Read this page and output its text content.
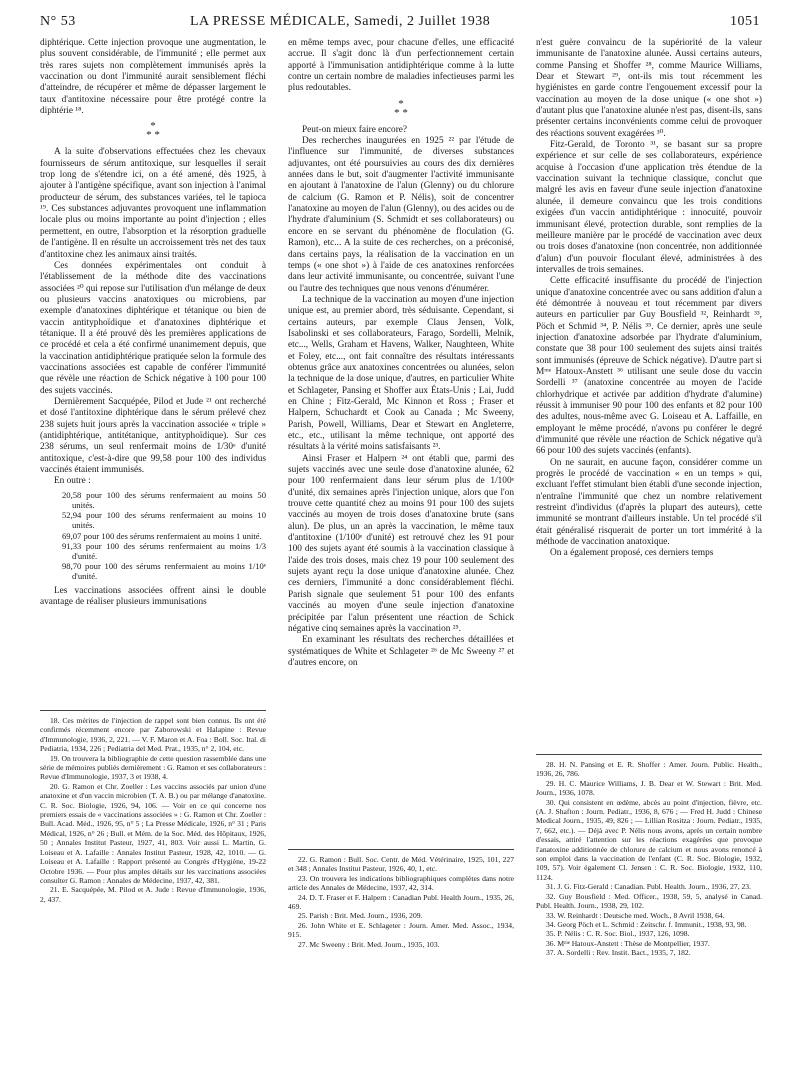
N° 53	LA PRESSE MÉDICALE, Samedi, 2 Juillet 1938	1051

diphtérique. Cette injection provoque une augmentation, le plus souvent considérable, de l'immunité ; elle permet aux très rares sujets non complètement immunisés après la vaccination ou dont l'immunité aurait sensiblement fléchi d'atteindre, de récupérer et même de dépasser largement le taux d'antitoxine nécessaire pour être protégé contre la diphtérie ¹⁸.

*
* *

A la suite d'observations effectuées chez les chevaux fournisseurs de sérum antitoxique, sur lesquelles il serait trop long de s'étendre ici, on a été amené, dès 1925, à ajouter à l'antigène spécifique, avant son injection à l'animal producteur de sérum, des substances variées, tel le tapioca ¹⁹. Ces substances adjuvantes provoquent une inflammation locale plus ou moins importante au point d'injection ; elles permettent, en outre, l'absorption et la résorption graduelle de l'antigène. Il en résulte un accroissement très net des taux d'antitoxine chez les animaux ainsi traités.

Ces données expérimentales ont conduit à l'établissement de la méthode dite des vaccinations associées ²⁰ qui repose sur l'utilisation d'un mélange de deux ou plusieurs vaccins anatoxiques ou microbiens, par exemple d'anatoxines diphtérique et tétanique ou bien de vaccin antityphoïdique et d'anatoxines diphtérique et tétanique. Il a été prouvé dès les premières applications de ce procédé et cela a été confirmé unanimement depuis, que la vaccination antidiphtérique pratiquée selon la formule des vaccinations associées est capable de conférer l'immunité que révèle une réaction de Schick négative à 100 pour 100 des sujets vaccinés.

Dernièrement Sacquépée, Pilod et Jude ²¹ ont recherché et dosé l'antitoxine diphtérique dans le sérum prélevé chez 238 sujets huit jours après la vaccination associée « triple » (antidiphtérique, antitétanique, antityphoïdique). Sur ces 238 sérums, un seul renfermait moins de 1/30ᵉ d'unité antitoxique, c'est-à-dire que 99,58 pour 100 des individus vaccinés étaient immunisés.

En outre :

20,58 pour 100 des sérums renfermaient au moins 50 unités.
52,94 pour 100 des sérums renfermaient au moins 10 unités.
69,07 pour 100 des sérums renfermaient au moins 1 unité.
91,33 pour 100 des sérums renfermaient au moins 1/3 d'unité.
98,70 pour 100 des sérums renfermaient au moins 1/10ᵉ d'unité.

Les vaccinations associées offrent ainsi le double avantage de réaliser plusieurs immunisations

en même temps avec, pour chacune d'elles, une efficacité accrue. Il s'agit donc là d'un perfectionnement certain apporté à l'immunisation antidiphtérique comme à la lutte contre un certain nombre de maladies infectieuses parmi les plus redoutables.

*
* *

Peut-on mieux faire encore?

Des recherches inaugurées en 1925 ²² par l'étude de l'influence sur l'immunité, de diverses substances adjuvantes, ont été poursuivies au cours des dix dernières années dans le but, soit d'augmenter l'activité immunisante en ajoutant à l'anatoxine de l'alun (Glenny) ou du chlorure de calcium (G. Ramon et P. Nélis), soit de concentrer l'anatoxine au moyen de l'alun (Glenny), ou des acides ou de l'hydrate d'aluminium (S. Schmidt et ses collaborateurs) ou encore en se servant du phénomène de floculation (G. Ramon), etc... A la suite de ces recherches, on a préconisé, dans certains pays, la réalisation de la vaccination en un temps (« one shot ») à l'aide de ces anatoxines renforcées dans leur activité immunisante, ou concentrée, suivant l'une ou l'autre des techniques que nous venons d'énumérer.

La technique de la vaccination au moyen d'une injection unique est, au premier abord, très séduisante. Cependant, si certains auteurs, par exemple Claus Jensen, Volk, Isabolinski et ses collaborateurs, Farago, Sordelli, Melnik, etc..., Wells, Graham et Havens, Walker, Naughteen, White et Foley, etc..., ont fait connaître des résultats intéressants obtenus grâce aux anatoxines concentrées ou alunées, selon la technique de la dose unique, d'autres, en particulier White et Schlageter, Pansing et Shoffer aux États-Unis ; Lai, Judd en Chine ; Fitz-Gerald, Mc Kinnon et Ross ; Fraser et Halpern, Schuchardt et Cook au Canada ; Mc Sweeny, Parish, Powell, Williams, Dear et Stewart en Angleterre, etc., etc., utilisant la même technique, ont apporté des résultats à la vérité moins satisfaisants ²³.

Ainsi Fraser et Halpern ²⁴ ont établi que, parmi des sujets vaccinés avec une seule dose d'anatoxine alunée, 62 pour 100 renfermaient dans leur sérum plus de 1/100ᵉ d'unité, dix semaines après l'injection unique, alors que l'on trouve cette quantité chez au moins 91 pour 100 des sujets vaccinés au moyen de trois doses d'anatoxine brute (sans alun). De plus, un an après la vaccination, le même taux d'antitoxine (1/100ᵉ d'unité) est retrouvé chez les 91 pour 100 des sujets ayant été soumis à la vaccination classique à l'aide des trois doses, mais chez 19 pour 100 seulement des sujets ayant reçu la dose unique d'anatoxine alunée. Chez ces derniers, l'immunité a donc considérablement fléchi. Parish signale que seulement 51 pour 100 des enfants vaccinés au moyen d'une seule injection d'anatoxine précipitée par l'alun présentent une réaction de Schick négative cinq semaines après la vaccination ²⁵.

En examinant les résultats des recherches détaillées et systématiques de White et Schlageter ²⁶ de Mc Sweeny ²⁷ et d'autres encore, on

n'est guère convaincu de la supériorité de la valeur immunisante de l'anatoxine alunée. Aussi certains auteurs, comme Pansing et Shoffer ²⁸, comme Maurice Williams, Dear et Stewart ²⁹, ont-ils mis tout récemment les hygiénistes en garde contre l'engouement excessif pour la vaccination au moyen de la dose unique (« one shot ») d'autant plus que l'anatoxine alunée n'est pas, disent-ils, sans présenter certains inconvénients comme celui de provoquer des réactions souvent exagérées ³⁰.

Fitz-Gerald, de Toronto ³¹, se basant sur sa propre expérience et sur celle de ses collaborateurs, expérience acquise à l'occasion d'une application très étendue de la vaccination suivant la technique classique, conclut que malgré les avis en faveur d'une seule injection d'anatoxine alunée, il demeure convaincu que les trois conditions exigées d'un vaccin antidiphtérique : innocuité, pouvoir immunisant élevé, protection durable, sont remplies de la meilleure manière par le procédé de vaccination avec deux ou trois doses d'anatoxine (non concentrée, non additionnée d'alun) d'un pouvoir floculant élevé, administrées à des intervalles de trois semaines.

Cette efficacité insuffisante du procédé de l'injection unique d'anatoxine concentrée avec ou sans addition d'alun a été démontrée à nouveau et tout récemment par divers auteurs en particulier par Guy Bousfield ³², Reinhardt ³³, Pöch et Schmid ³⁴, P. Nélis ³⁵. Ce dernier, après une seule injection d'anatoxine adsorbée par l'hydrate d'aluminium, constate que 38 pour 100 seulement des sujets ainsi traités sont immunisés (épreuve de Schick négative). D'autre part si Mᵐᵉ Hatoux-Anstett ³⁶ utilisant une seule dose du vaccin Sordelli ³⁷ (anatoxine concentrée au moyen de l'acide chlorhydrique et activée par addition d'hydrate d'alumine) réussit à immuniser 90 pour 100 des enfants et 82 pour 100 des adultes, nous-même avec G. Loiseau et A. Laffaille, en employant le même procédé, n'avons pu conférer le degré d'immunité que révèle une réaction de Schick négative qu'à 66 pour 100 des sujets vaccinés (enfants).

On ne saurait, en aucune façon, considérer comme un progrès le procédé de vaccination « en un temps » qui, excluant l'effet stimulant bien établi d'une seconde injection, n'entraîne l'immunité que chez un nombre relativement restreint d'individus (d'après la plupart des auteurs), cette immunité se montrant d'ailleurs instable. Un tel procédé s'il était généralisé risquerait de porter un tort immérité à la méthode de vaccination anatoxique.

On a également proposé, ces derniers temps

18. Ces mérites de l'injection de rappel sont bien connus. Ils ont été confirmés récemment encore par Zaborowski et Halapine : Revue d'Immunologie, 1936, 2, 221. — V. F. Maron et A. Foa : Boll. Soc. Ital. di Pediatria, 1934, 226 ; Pediatria del Med. Prat., 1935, n° 2, 104, etc.
19. On trouvera la bibliographie de cette question rassemblée dans une série de mémoires publiés dernièrement : G. Ramon et ses collaborateurs : Revue d'Immunologie, 1937, 3 et 1938, 4.
20. G. Ramon et Chr. Zoeller : Les vaccins associés par union d'une anatoxine et d'un vaccin microbien (T. A. B.) ou par mélange d'anatoxine. C. R. Soc. Biologie, 1926, 94, 106. — Voir en ce qui concerne nos premiers essais de « vaccinations associées » : G. Ramon et Chr. Zoeller : Bull. Acad. Méd., 1926, 95, n° 5 ; La Presse Médicale, 1926, n° 31 ; Paris Médical, 1926, n° 26 ; Bull. et Mém. de la Soc. Méd. des Hôpitaux, 1926, 50 ; Annales Institut Pasteur, 1927, 41, 803. Voir aussi L. Martin, G. Loiseau et A. Lafaille : Annales Institut Pasteur, 1928, 42, 1010. — G. Loiseau et A. Lafaille : Rapport présenté au Congrès d'Hygiène, 19-22 Octobre 1936. — Pour plus amples détails sur les vaccinations associées consulter G. Ramon : Annales de Médecine, 1937, 42, 381.
21. E. Sacquépée, M. Pilod et A. Jude : Revue d'Immunologie, 1936, 2, 437.
22. G. Ramon : Bull. Soc. Centr. de Méd. Vétérinaire, 1925, 101, 227 et 348 ; Annales Institut Pasteur, 1926, 40, 1, etc.
23. On trouvera les indications bibliographiques complètes dans notre article des Annales de Médecine, 1937, 42, 314.
24. D. T. Fraser et F. Halpern : Canadian Publ. Health Journ., 1935, 26, 469.
25. Parish : Brit. Med. Journ., 1936, 209.
26. John White et E. Schlageter : Journ. Amer. Med. Assoc., 1934, 915.
27. Mc Sweeny : Brit. Med. Journ., 1935, 103.
28. H. N. Pansing et E. R. Shoffer : Amer. Journ. Public. Health., 1936, 26, 786.
29. H. C. Maurice Williams, J. B. Dear et W. Stewart : Brit. Med. Journ., 1936, 1078.
30. Qui consistent en œdème, abcès au point d'injection, fièvre, etc. (A. J. Shafton : Journ. Pediatr., 1936, 8, 676 ; — Fred H. Judd : Chinese Medical Journ., 1935, 49, 826 ; — Lillian Rositza : Journ. Pediatr., 1935, 7, 662, etc.). — Déjà avec P. Nélis nous avons, après un certain nombre d'essais, attiré l'attention sur les réactions exagérées que provoque l'anatoxine additionnée de chlorure de calcium et nous avons renoncé à son emploi dans la vaccination de l'enfant (C. R. Soc. Biologie, 1932, 109, 57). Voir également Cl. Jensen : C. R. Soc. Biologie, 1932, 110, 1124.
31. J. G. Fitz-Gerald : Canadian. Publ. Health. Journ., 1936, 27, 23.
32. Guy Bousfield : Med. Officer., 1938, 59, 5, analysé in Canad. Publ. Health. Journ., 1938, 29, 102.
33. W. Reinhardt : Deutsche med. Woch., 8 Avril 1938, 64.
34. Georg Pöch et L. Schmid : Zeitschr. f. Immunit., 1938, 93, 98.
35. P. Nélis : C. R. Soc. Biol., 1937, 126, 1098.
36. Mᵐᵉ Hatoux-Anstett : Thèse de Montpellier, 1937.
37. A. Sordelli : Rev. Instit. Bact., 1935, 7, 182.
